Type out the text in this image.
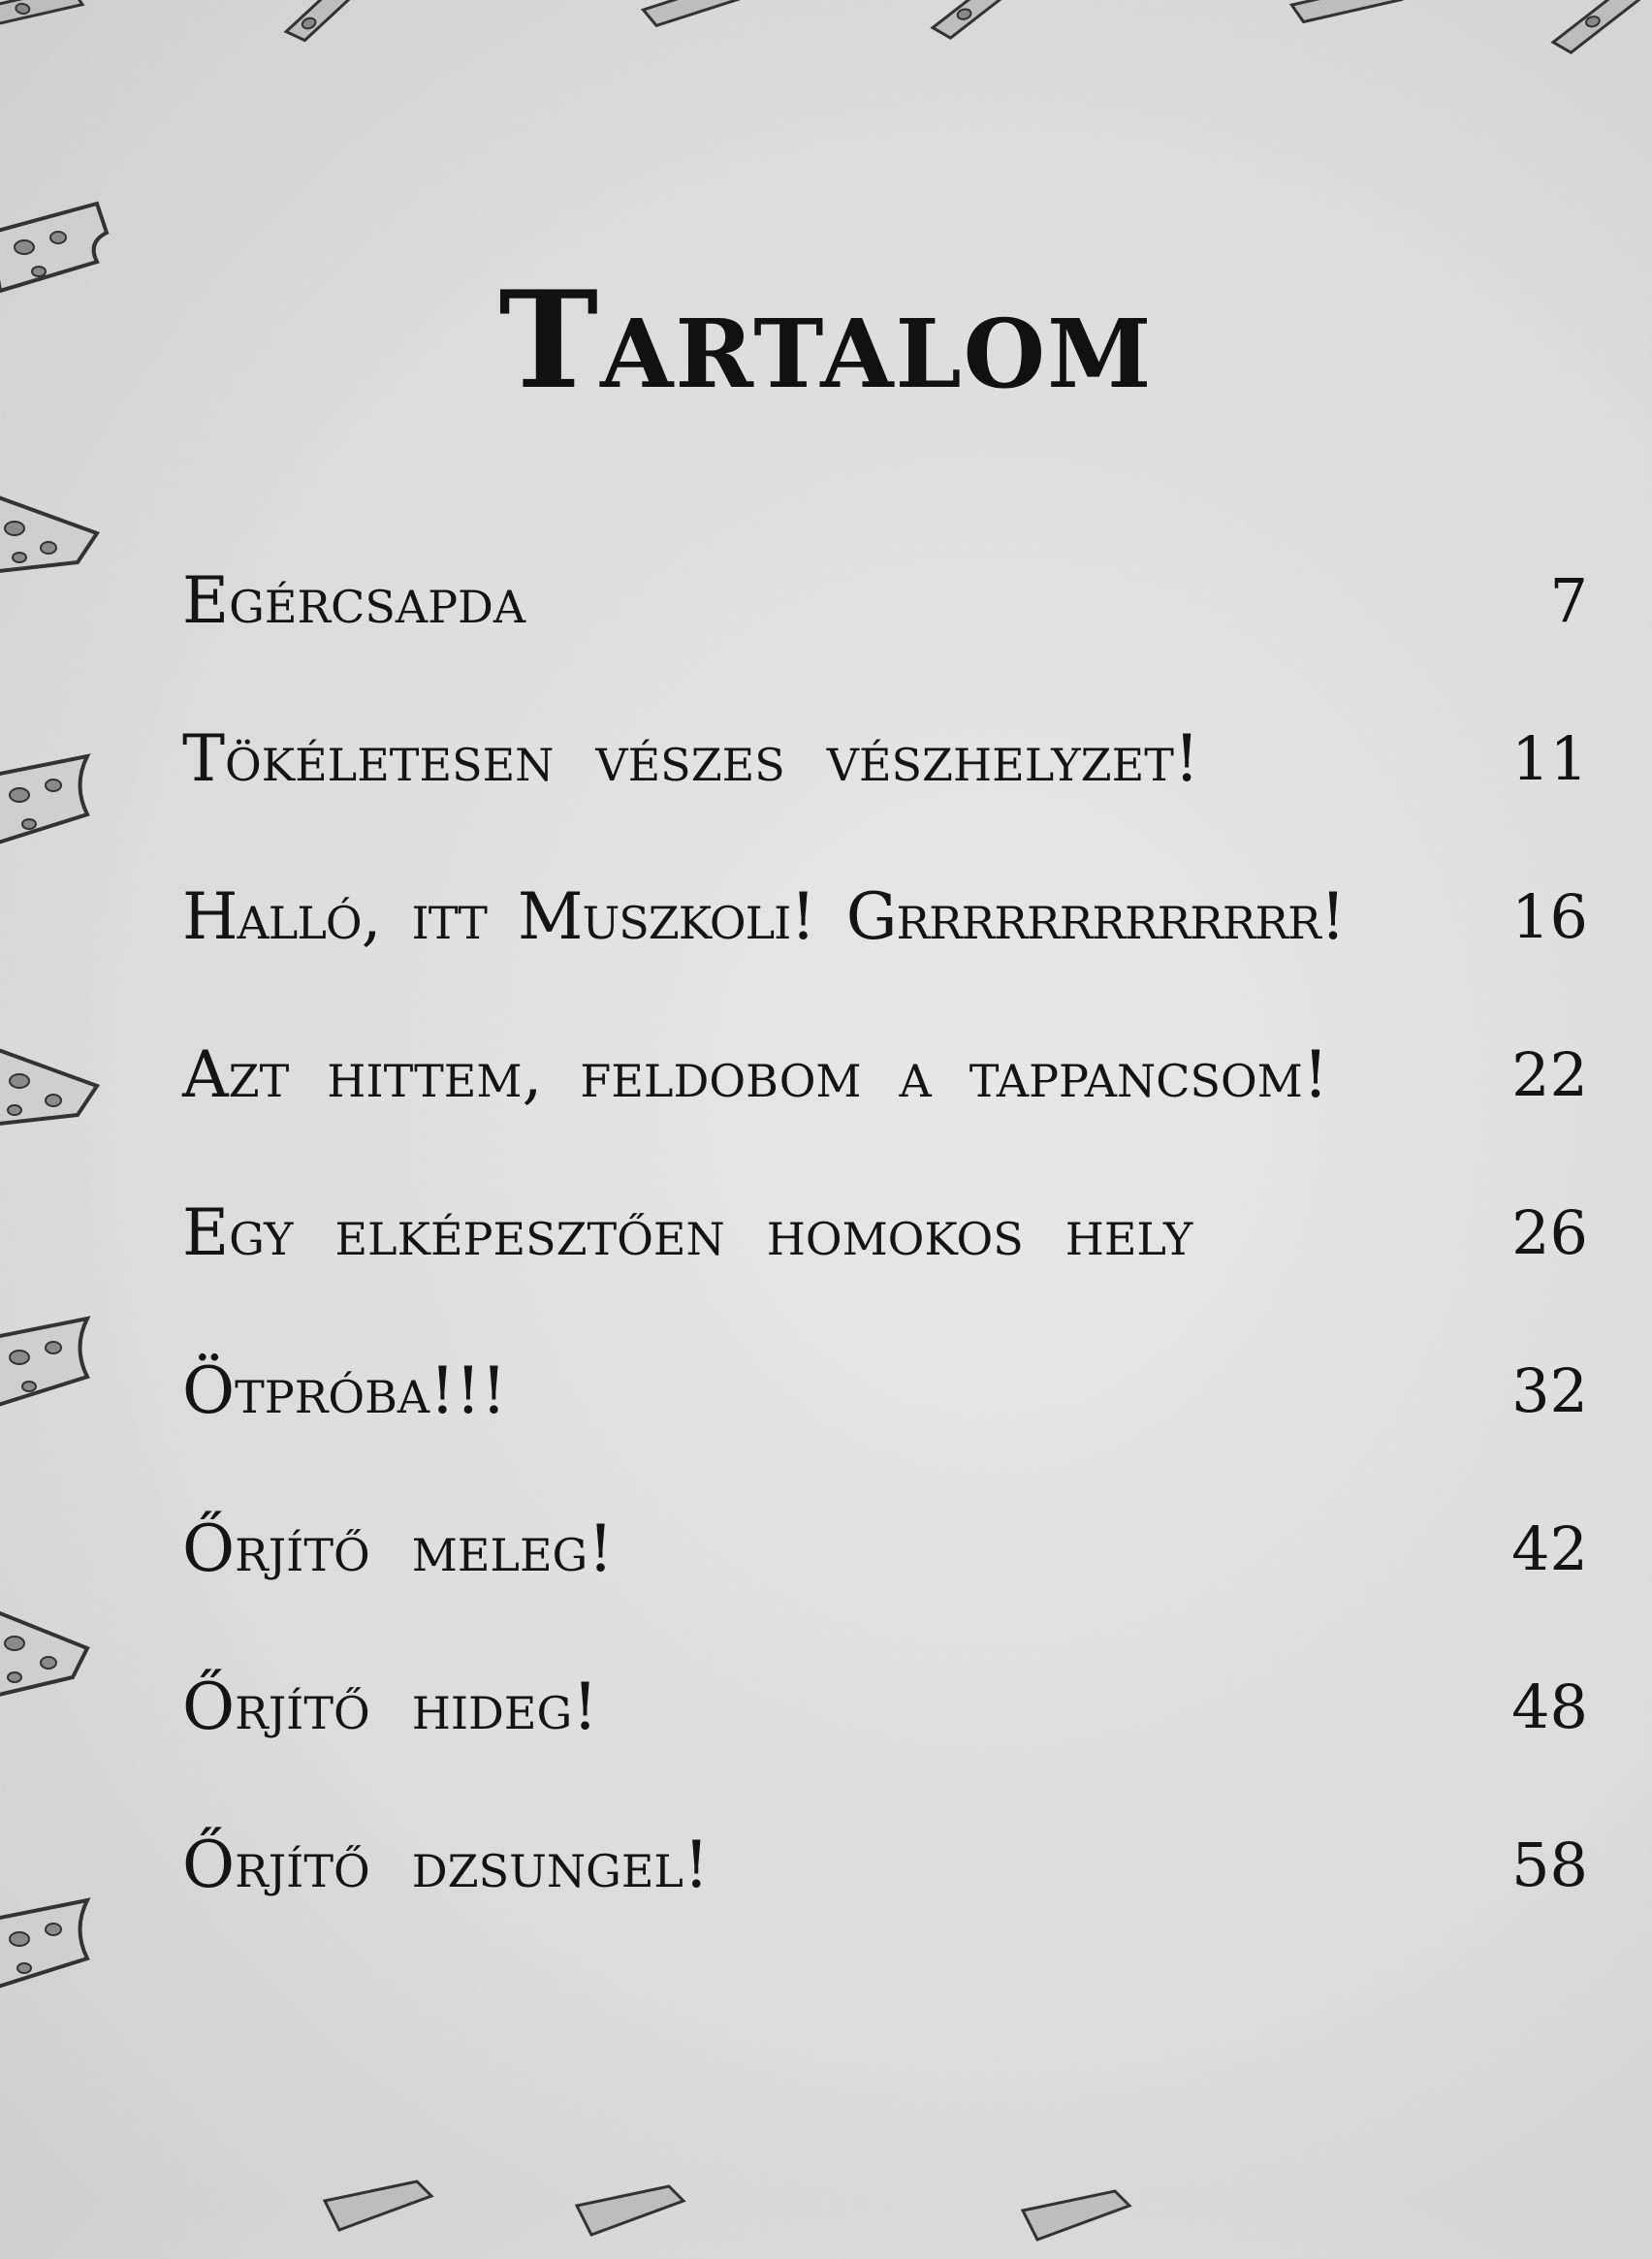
Tartalom
Egércsapda	7
Tökéletesen vészes vészhelyzet!	11
Halló, itt Muszkoli! Grrrrrrrrrrrrr!	16
Azt hittem, feldobom a tappancsom!	22
Egy elképesztően homokos hely	26
Ötpróba!!!	32
Őrjítő meleg!	42
Őrjítő hideg!	48
Őrjítő dzsungel!	58
